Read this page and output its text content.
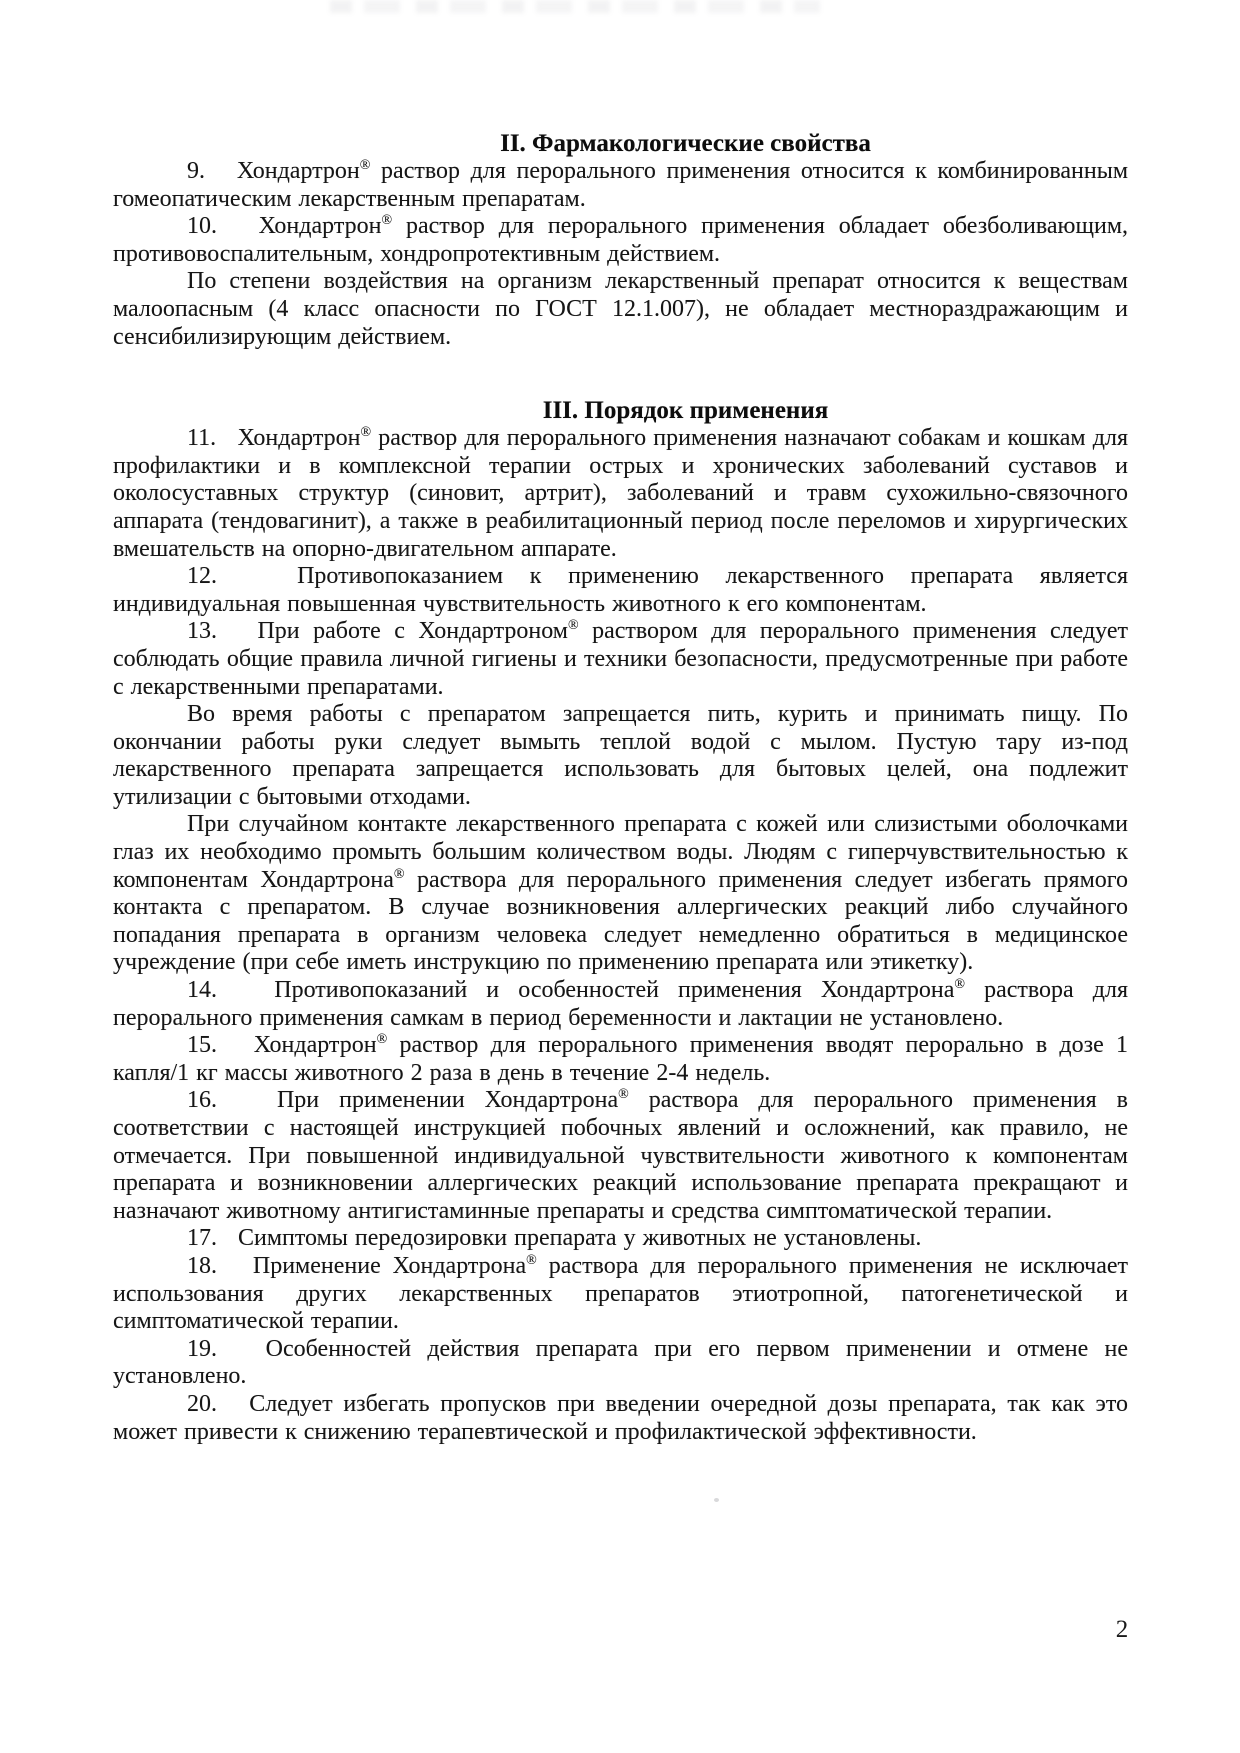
II. Фармакологические свойства

9.   Хондартрон® раствор для перорального применения относится к комбинированным гомеопатическим лекарственным препаратам.

10.   Хондартрон® раствор для перорального применения обладает обезболивающим, противовоспалительным, хондропротективным действием.

По степени воздействия на организм лекарственный препарат относится к веществам малоопасным (4 класс опасности по ГОСТ 12.1.007), не обладает местнораздражающим и сенсибилизирующим действием.

III. Порядок применения

11.   Хондартрон® раствор для перорального применения назначают собакам и кошкам для профилактики и в комплексной терапии острых и хронических заболеваний суставов и околосуставных структур (синовит, артрит), заболеваний и травм сухожильно-связочного аппарата (тендовагинит), а также в реабилитационный период после переломов и хирургических вмешательств на опорно-двигательном аппарате.

12.   Противопоказанием к применению лекарственного препарата является индивидуальная повышенная чувствительность животного к его компонентам.

13.   При работе с Хондартроном® раствором для перорального применения следует соблюдать общие правила личной гигиены и техники безопасности, предусмотренные при работе с лекарственными препаратами.

Во время работы с препаратом запрещается пить, курить и принимать пищу. По окончании работы руки следует вымыть теплой водой с мылом. Пустую тару из-под лекарственного препарата запрещается использовать для бытовых целей, она подлежит утилизации с бытовыми отходами.

При случайном контакте лекарственного препарата с кожей или слизистыми оболочками глаз их необходимо промыть большим количеством воды. Людям с гиперчувствительностью к компонентам Хондартрона® раствора для перорального применения следует избегать прямого контакта с препаратом. В случае возникновения аллергических реакций либо случайного попадания препарата в организм человека следует немедленно обратиться в медицинское учреждение (при себе иметь инструкцию по применению препарата или этикетку).

14.   Противопоказаний и особенностей применения Хондартрона® раствора для перорального применения самкам в период беременности и лактации не установлено.

15.   Хондартрон® раствор для перорального применения вводят перорально в дозе 1 капля/1 кг массы животного 2 раза в день в течение 2-4 недель.

16.   При применении Хондартрона® раствора для перорального применения в соответствии с настоящей инструкцией побочных явлений и осложнений, как правило, не отмечается. При повышенной индивидуальной чувствительности животного к компонентам препарата и возникновении аллергических реакций использование препарата прекращают и назначают животному антигистаминные препараты и средства симптоматической терапии.

17.   Симптомы передозировки препарата у животных не установлены.

18.   Применение Хондартрона® раствора для перорального применения не исключает использования других лекарственных препаратов этиотропной, патогенетической и симптоматической терапии.

19.   Особенностей действия препарата при его первом применении и отмене не установлено.

20.   Следует избегать пропусков при введении очередной дозы препарата, так как это может привести к снижению терапевтической и профилактической эффективности.

2
